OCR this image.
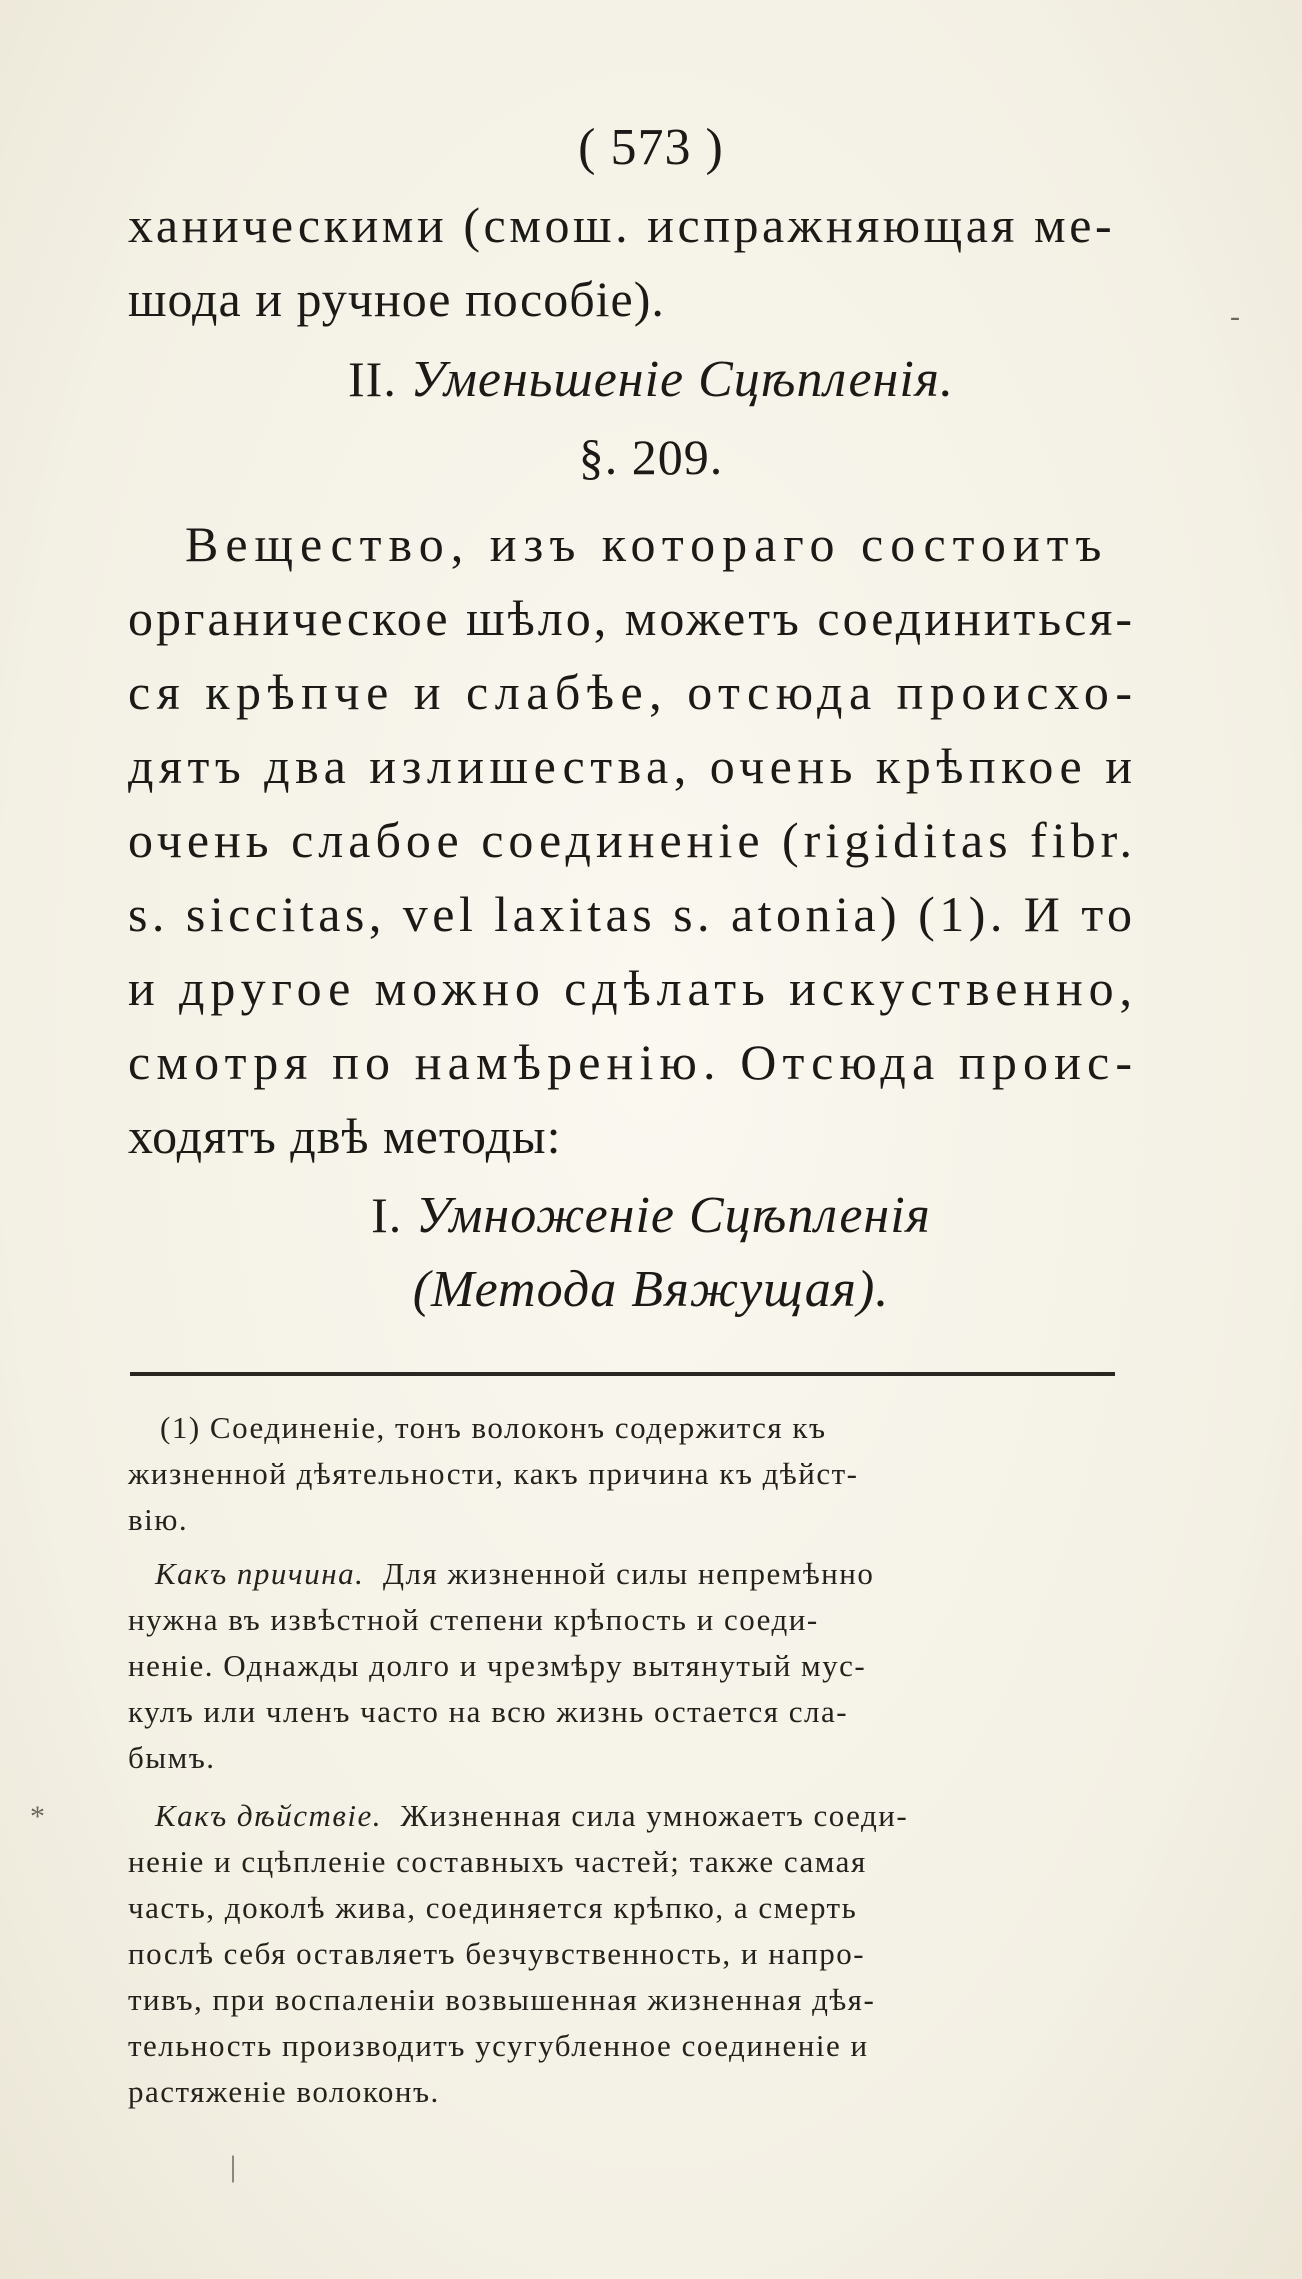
( 573 )
ханическими (смош. испражняющая ме-
шода и ручное пособіе).
II. Уменьшеніе Сцѣпленія.
§. 209.
Вещество, изъ котораго состоитъ
органическое шѣло, можетъ соединиться-
ся крѣпче и слабѣе, отсюда происхо-
дятъ два излишества, очень крѣпкое и
очень слабое соединеніе (rigiditas fibr.
s. siccitas, vel laxitas s. atonia) (1). И то
и другое можно сдѣлать искуственно,
смотря по намѣренію. Отсюда проис-
ходятъ двѣ методы:
I. Умноженіе Сцѣпленія
(Метода Вяжущая).
(1) Соединеніе, тонъ волоконъ содержится къ
жизненной дѣятельности, какъ причина къ дѣйст-
вію.
Какъ причина.  Для жизненной силы непремѣнно
нужна въ извѣстной степени крѣпость и соеди-
неніе. Однажды долго и чрезмѣру вытянутый мус-
кулъ или членъ часто на всю жизнь остается сла-
бымъ.
Какъ дѣйствіе.  Жизненная сила умножаетъ соеди-
неніе и сцѣпленіе составныхъ частей; также самая
часть, доколѣ жива, соединяется крѣпко, а смерть
послѣ себя оставляетъ безчувственность, и напро-
тивъ, при воспаленіи возвышенная жизненная дѣя-
тельность производитъ усугубленное соединеніе и
растяженіе волоконъ.
-
*
|
